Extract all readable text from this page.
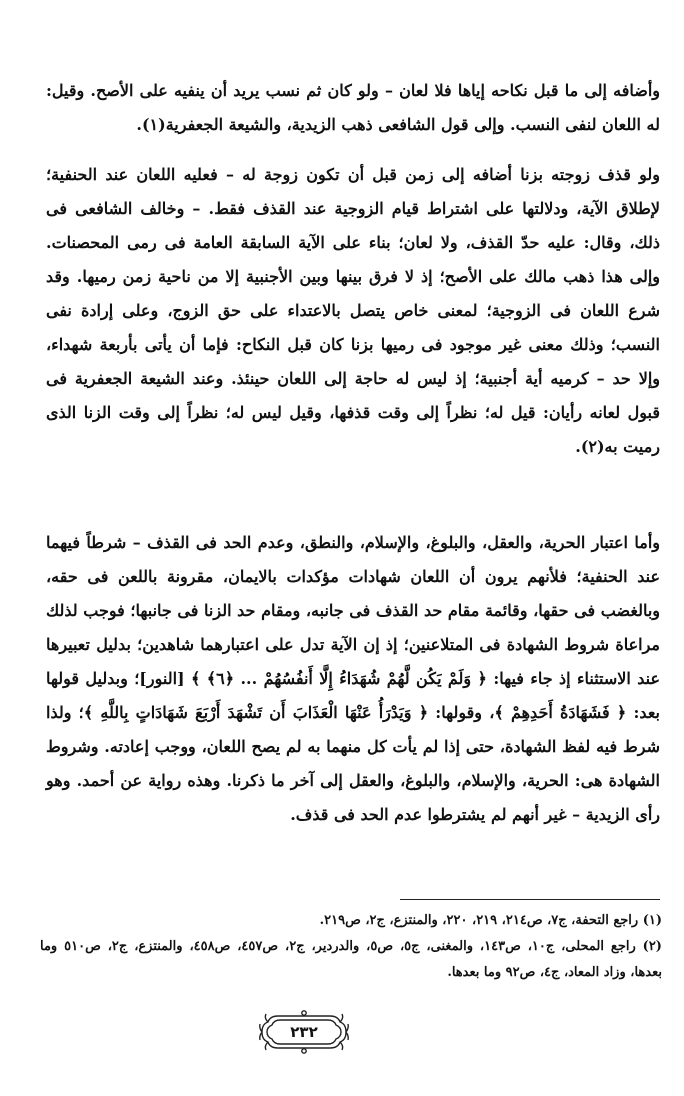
وأضافه إلى ما قبل نكاحه إياها فلا لعان – ولو كان ثم نسب يريد أن ينفيه على الأصح. وقيل: له اللعان لنفى النسب. وإلى قول الشافعى ذهب الزيدية، والشيعة الجعفرية(١).

ولو قذف زوجته بزنا أضافه إلى زمن قبل أن تكون زوجة له – فعليه اللعان عند الحنفية؛ لإطلاق الآية، ودلالتها على اشتراط قيام الزوجية عند القذف فقط. – وخالف الشافعى فى ذلك، وقال: عليه حدّ القذف، ولا لعان؛ بناء على الآية السابقة العامة فى رمى المحصنات. وإلى هذا ذهب مالك على الأصح؛ إذ لا فرق بينها وبين الأجنبية إلا من ناحية زمن رميها. وقد شرع اللعان فى الزوجية؛ لمعنى خاص يتصل بالاعتداء على حق الزوج، وعلى إرادة نفى النسب؛ وذلك معنى غير موجود فى رميها بزنا كان قبل النكاح: فإما أن يأتى بأربعة شهداء، وإلا حد – كرميه أية أجنبية؛ إذ ليس له حاجة إلى اللعان حينئذ. وعند الشيعة الجعفرية فى قبول لعانه رأيان: قيل له؛ نظراً إلى وقت قذفها، وقيل ليس له؛ نظراً إلى وقت الزنا الذى رميت به(٢).

وأما اعتبار الحرية، والعقل، والبلوغ، والإسلام، والنطق، وعدم الحد فى القذف – شرطاً فيهما عند الحنفية؛ فلأنهم يرون أن اللعان شهادات مؤكدات بالايمان، مقرونة باللعن فى حقه، وبالغضب فى حقها، وقائمة مقام حد القذف فى جانبه، ومقام حد الزنا فى جانبها؛ فوجب لذلك مراعاة شروط الشهادة فى المتلاعنين؛ إذ إن الآية تدل على اعتبارهما شاهدين؛ بدليل تعبيرها عند الاستثناء إذ جاء فيها: ﴿ وَلَمْ يَكُن لَّهُمْ شُهَدَاءُ إِلَّا أَنفُسُهُمْ ... ﴿٦﴾ ﴾ [النور]؛ وبدليل قولها بعد: ﴿ فَشَهَادَةُ أَحَدِهِمْ ﴾، وقولها: ﴿ وَيَدْرَأُ عَنْهَا الْعَذَابَ أَن تَشْهَدَ أَرْبَعَ شَهَادَاتٍ بِاللَّهِ ﴾؛ ولذا شرط فيه لفظ الشهادة، حتى إذا لم يأت كل منهما به لم يصح اللعان، ووجب إعادته. وشروط الشهادة هى: الحرية، والإسلام، والبلوغ، والعقل إلى آخر ما ذكرنا. وهذه رواية عن أحمد. وهو رأى الزيدية – غير أنهم لم يشترطوا عدم الحد فى قذف.

(١) راجع التحفة، ج٧، ص٢١٤، ٢١٩، ٢٢٠، والمنتزع، ج٢، ص٢١٩.

(٢) راجع المحلى، ج١٠، ص١٤٣، والمغنى، ج٥، ص٥، والدردير، ج٢، ص٤٥٧، ص٤٥٨، والمنتزع، ج٢، ص٥١٠ وما بعدها، وزاد المعاد، ج٤، ص٩٢ وما بعدها.

٢٣٢
